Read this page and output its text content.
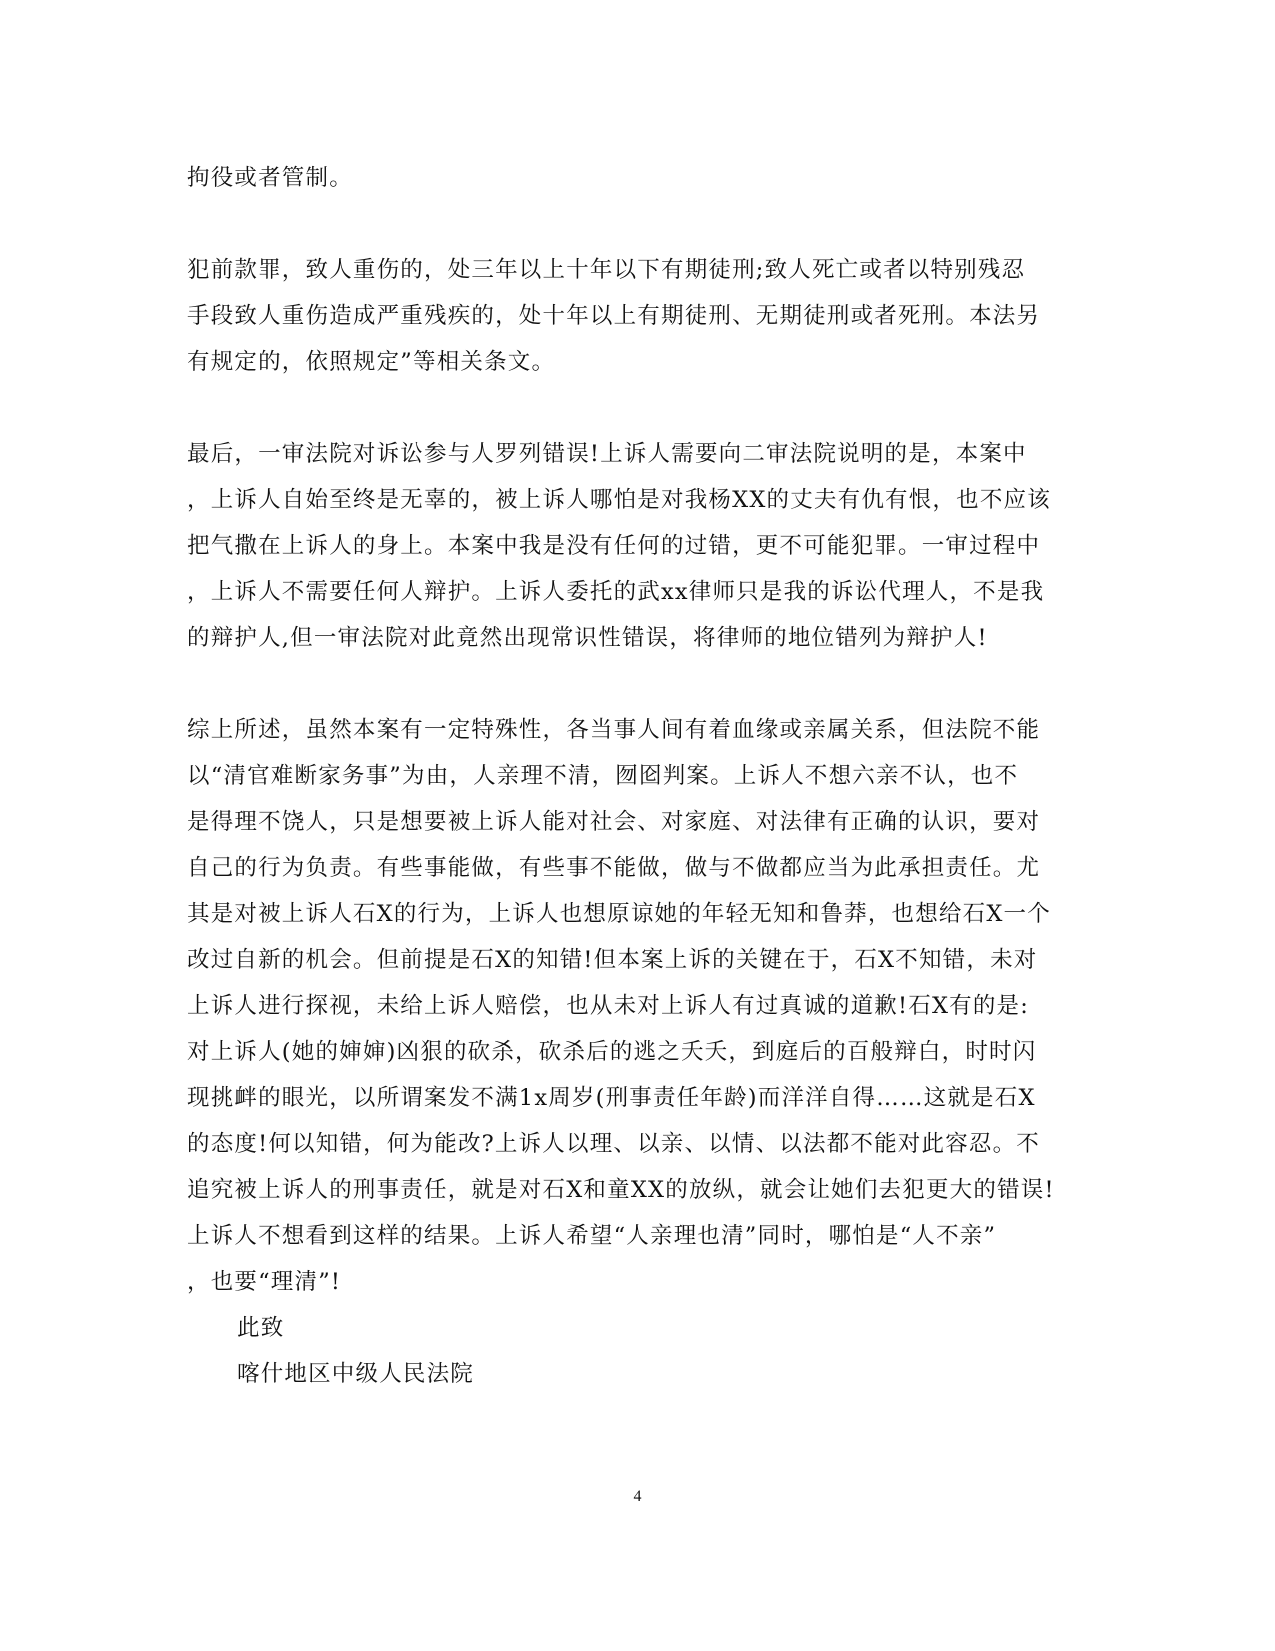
拘役或者管制。
犯前款罪，致人重伤的，处三年以上十年以下有期徒刑;致人死亡或者以特别残忍
手段致人重伤造成严重残疾的，处十年以上有期徒刑、无期徒刑或者死刑。本法另
有规定的，依照规定”等相关条文。
最后，一审法院对诉讼参与人罗列错误!上诉人需要向二审法院说明的是，本案中
，上诉人自始至终是无辜的，被上诉人哪怕是对我杨XX的丈夫有仇有恨，也不应该
把气撒在上诉人的身上。本案中我是没有任何的过错，更不可能犯罪。一审过程中
，上诉人不需要任何人辩护。上诉人委托的武xx律师只是我的诉讼代理人，不是我
的辩护人,但一审法院对此竟然出现常识性错误，将律师的地位错列为辩护人!
综上所述，虽然本案有一定特殊性，各当事人间有着血缘或亲属关系，但法院不能
以“清官难断家务事”为由，人亲理不清，囫囵判案。上诉人不想六亲不认，也不
是得理不饶人，只是想要被上诉人能对社会、对家庭、对法律有正确的认识，要对
自己的行为负责。有些事能做，有些事不能做，做与不做都应当为此承担责任。尤
其是对被上诉人石X的行为，上诉人也想原谅她的年轻无知和鲁莽，也想给石X一个
改过自新的机会。但前提是石X的知错!但本案上诉的关键在于，石X不知错，未对
上诉人进行探视，未给上诉人赔偿，也从未对上诉人有过真诚的道歉!石X有的是:
对上诉人(她的婶婶)凶狠的砍杀，砍杀后的逃之夭夭，到庭后的百般辩白，时时闪
现挑衅的眼光，以所谓案发不满1x周岁(刑事责任年龄)而洋洋自得……这就是石X
的态度!何以知错，何为能改?上诉人以理、以亲、以情、以法都不能对此容忍。不
追究被上诉人的刑事责任，就是对石X和童XX的放纵，就会让她们去犯更大的错误!
上诉人不想看到这样的结果。上诉人希望“人亲理也清”同时，哪怕是“人不亲”
，也要“理清”!
此致
喀什地区中级人民法院
4
